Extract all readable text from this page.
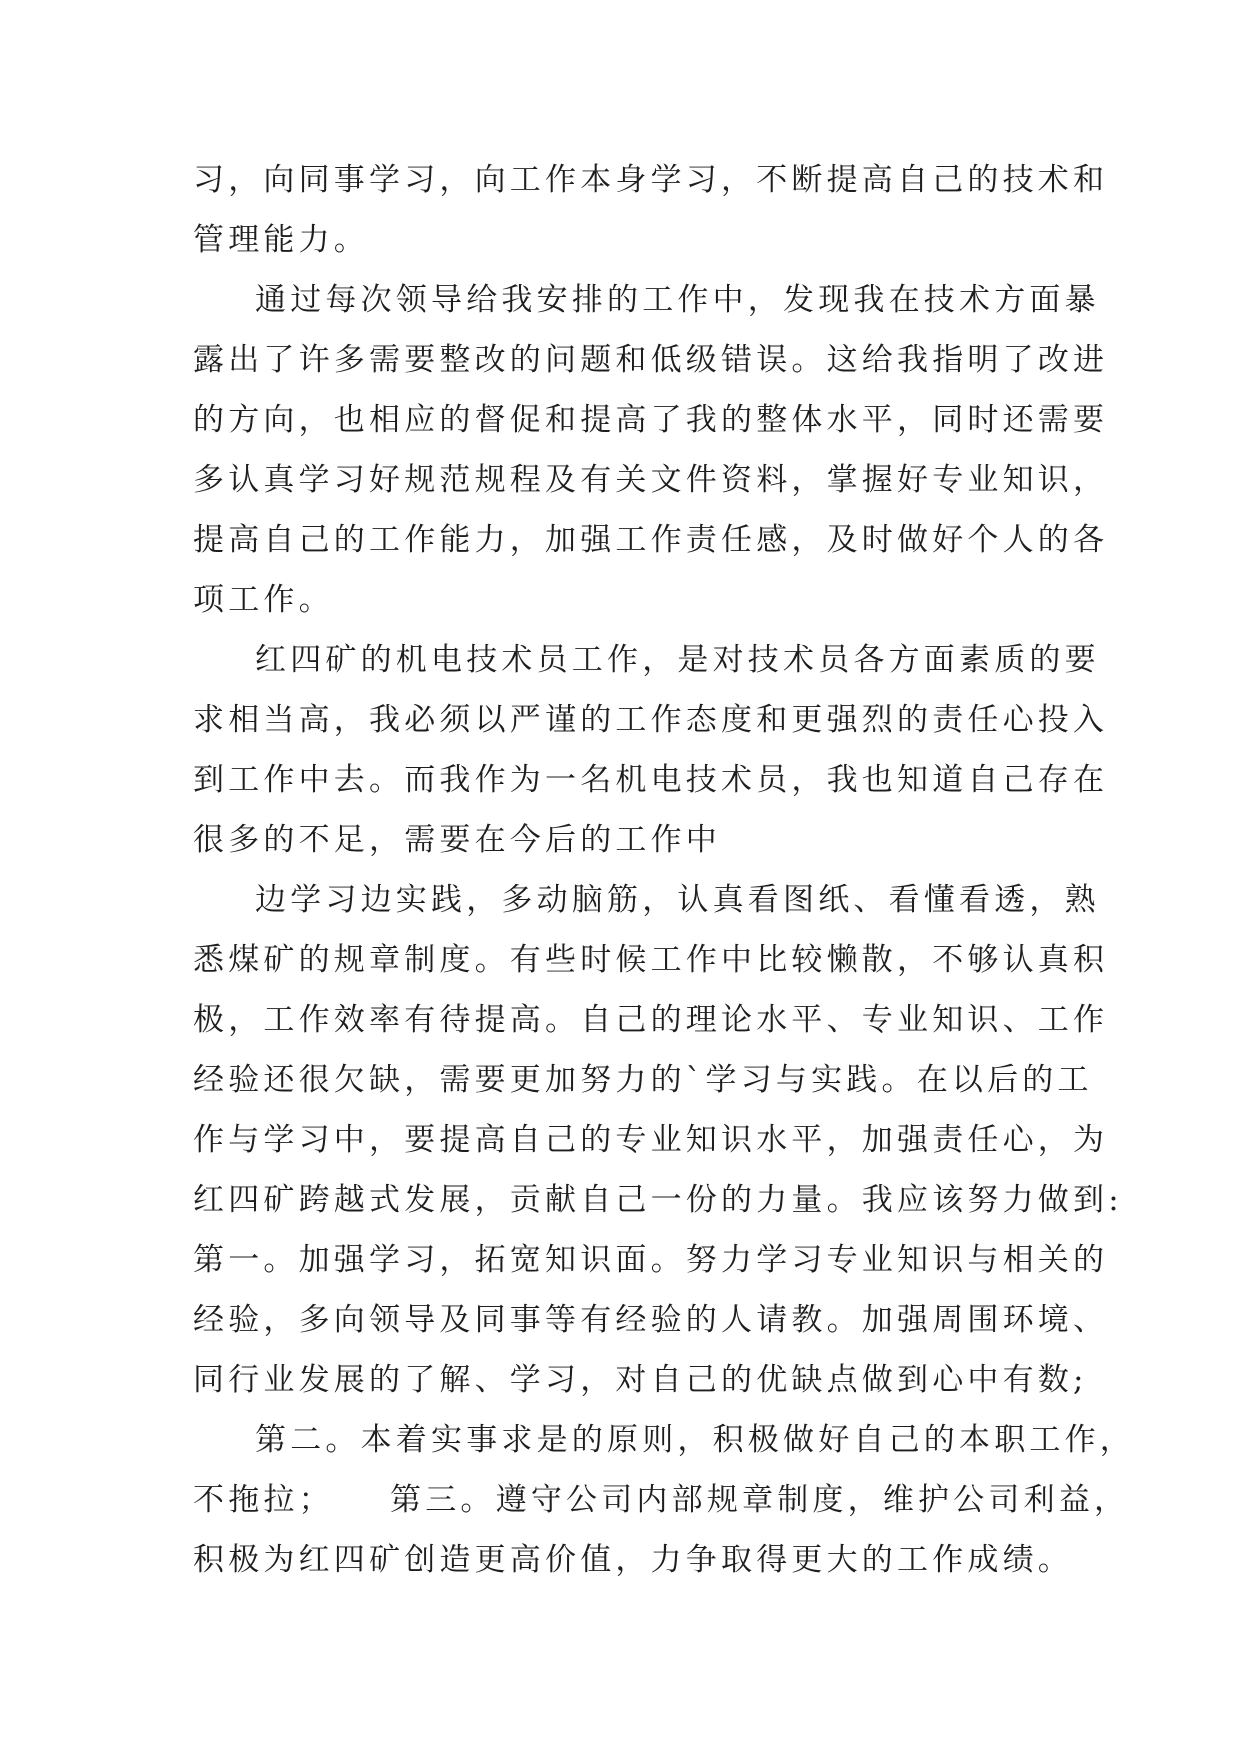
习，向同事学习，向工作本身学习，不断提高自己的技术和
管理能力。
通过每次领导给我安排的工作中，发现我在技术方面暴
露出了许多需要整改的问题和低级错误。这给我指明了改进
的方向，也相应的督促和提高了我的整体水平，同时还需要
多认真学习好规范规程及有关文件资料，掌握好专业知识，
提高自己的工作能力，加强工作责任感，及时做好个人的各
项工作。
红四矿的机电技术员工作，是对技术员各方面素质的要
求相当高，我必须以严谨的工作态度和更强烈的责任心投入
到工作中去。而我作为一名机电技术员，我也知道自己存在
很多的不足，需要在今后的工作中
边学习边实践，多动脑筋，认真看图纸、看懂看透，熟
悉煤矿的规章制度。有些时候工作中比较懒散，不够认真积
极，工作效率有待提高。自己的理论水平、专业知识、工作
经验还很欠缺，需要更加努力的`学习与实践。在以后的工
作与学习中，要提高自己的专业知识水平，加强责任心，为
红四矿跨越式发展，贡献自己一份的力量。我应该努力做到:
第一。加强学习，拓宽知识面。努力学习专业知识与相关的
经验，多向领导及同事等有经验的人请教。加强周围环境、
同行业发展的了解、学习，对自己的优缺点做到心中有数;
第二。本着实事求是的原则，积极做好自己的本职工作，
不拖拉；    第三。遵守公司内部规章制度，维护公司利益，
积极为红四矿创造更高价值，力争取得更大的工作成绩。
